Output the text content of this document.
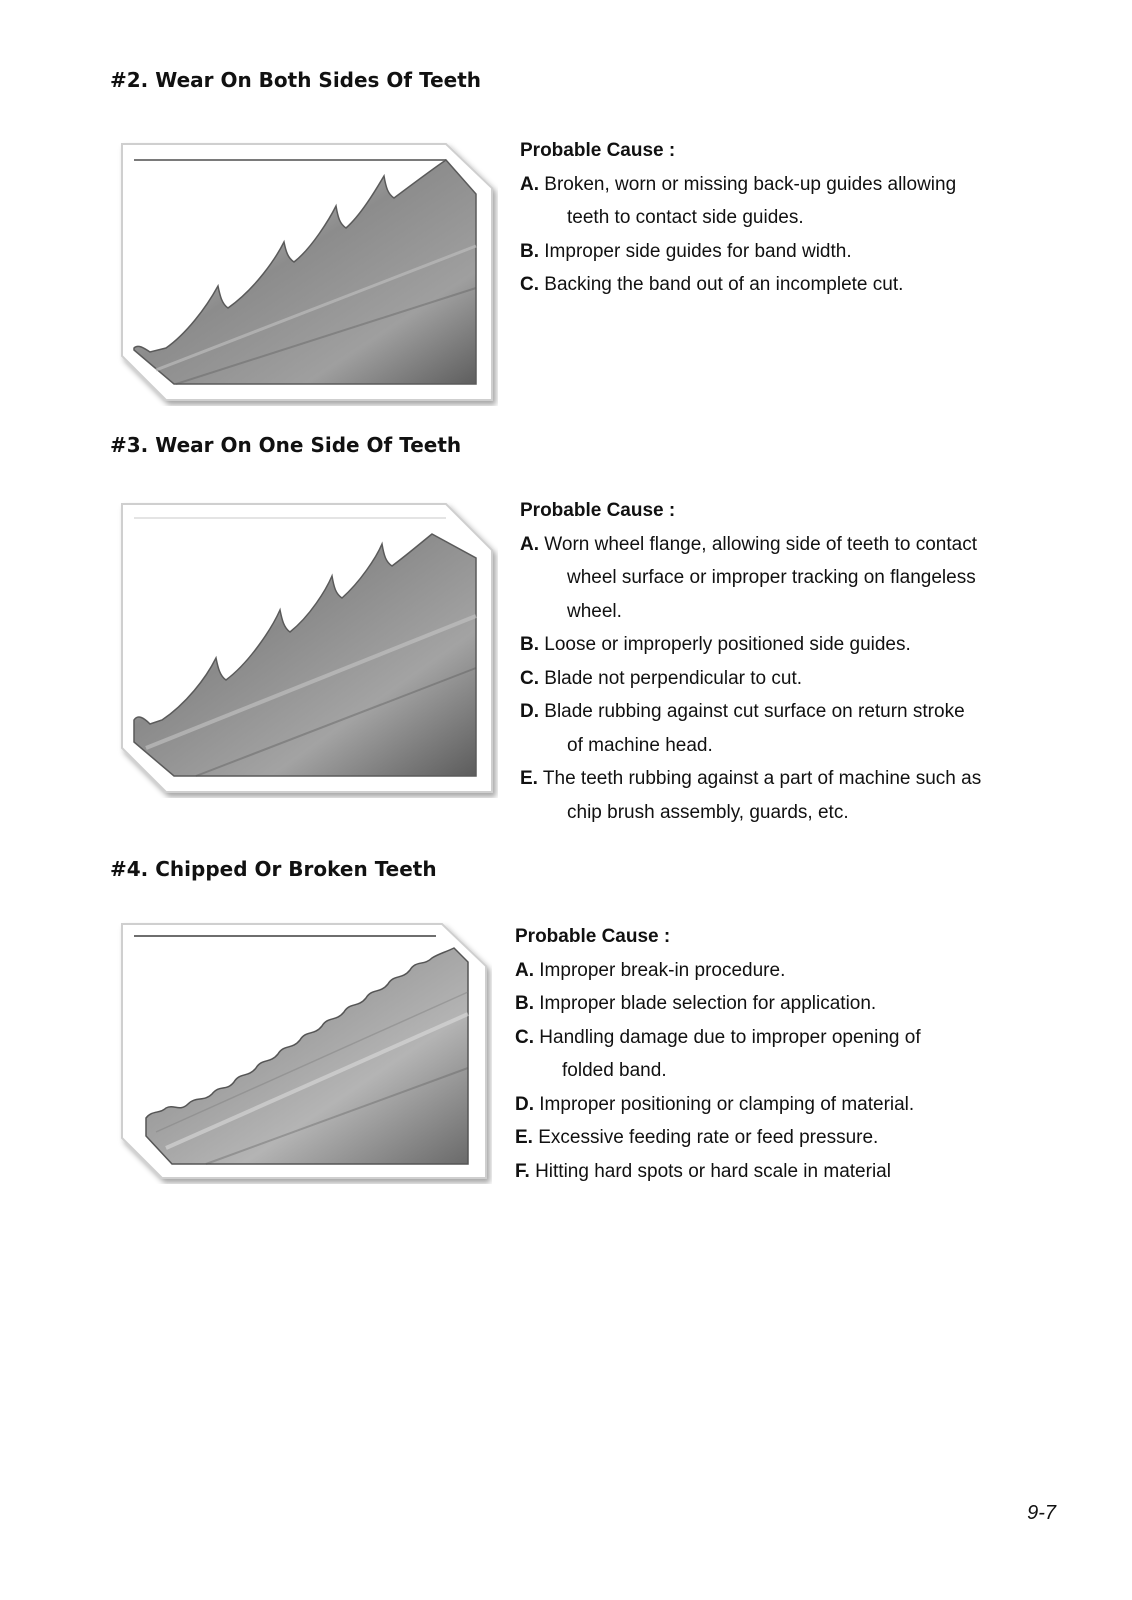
#2. Wear On Both Sides Of Teeth
Probable Cause :

A. Broken, worn or missing back-up guides allowing
teeth to contact side guides.

B. Improper side guides for band width.

C. Backing the band out of an incomplete cut.

#3. Wear On One Side Of Teeth
Probable Cause :

A. Worn wheel flange, allowing side of teeth to contact
wheel surface or improper tracking on flangeless
wheel.

B. Loose or improperly positioned side guides.

C. Blade not perpendicular to cut.

D. Blade rubbing against cut surface on return stroke
of machine head.

E. The teeth rubbing against a part of machine such as
chip brush assembly, guards, etc.

#4. Chipped Or Broken Teeth
Probable Cause :

A. Improper break-in procedure.

B. Improper blade selection for application.

C. Handling damage due to improper opening of
folded band.

D. Improper positioning or clamping of material.

E. Excessive feeding rate or feed pressure.

F. Hitting hard spots or hard scale in material

9-7
